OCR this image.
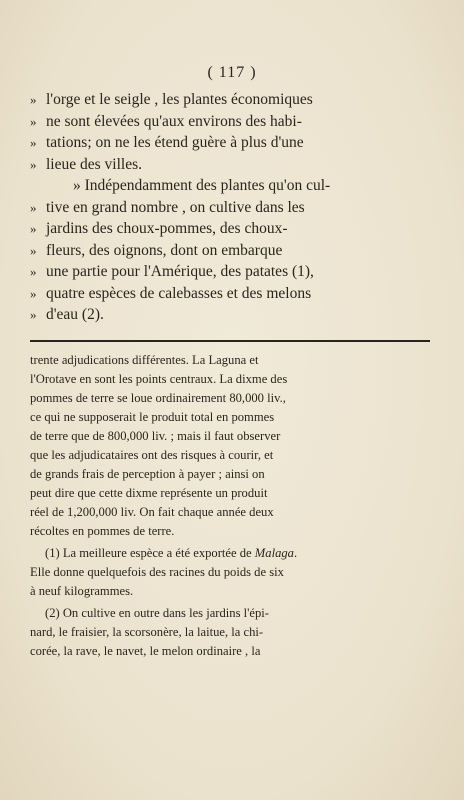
( 117 )
» l'orge et le seigle , les plantes économiques
» ne sont élevées qu'aux environs des habi-
» tations; on ne les étend guère à plus d'une
» lieue des villes.
» Indépendamment des plantes qu'on cul-
» tive en grand nombre , on cultive dans les
» jardins des choux-pommes, des choux-
» fleurs, des oignons, dont on embarque
» une partie pour l'Amérique, des patates (1),
» quatre espèces de calebasses et des melons
» d'eau (2).
trente adjudications différentes. La Laguna et
l'Orotave en sont les points centraux. La dixme des
pommes de terre se loue ordinairement 80,000 liv.,
ce qui ne supposerait le produit total en pommes
de terre que de 800,000 liv. ; mais il faut observer
que les adjudicataires ont des risques à courir, et
de grands frais de perception à payer ; ainsi on
peut dire que cette dixme représente un produit
réel de 1,200,000 liv. On fait chaque année deux
récoltes en pommes de terre.
(1) La meilleure espèce a été exportée de Malaga.
Elle donne quelquefois des racines du poids de six
à neuf kilogrammes.
(2) On cultive en outre dans les jardins l'épi-
nard, le fraisier, la scorsonère, la laitue, la chi-
corée, la rave, le navet, le melon ordinaire , la
